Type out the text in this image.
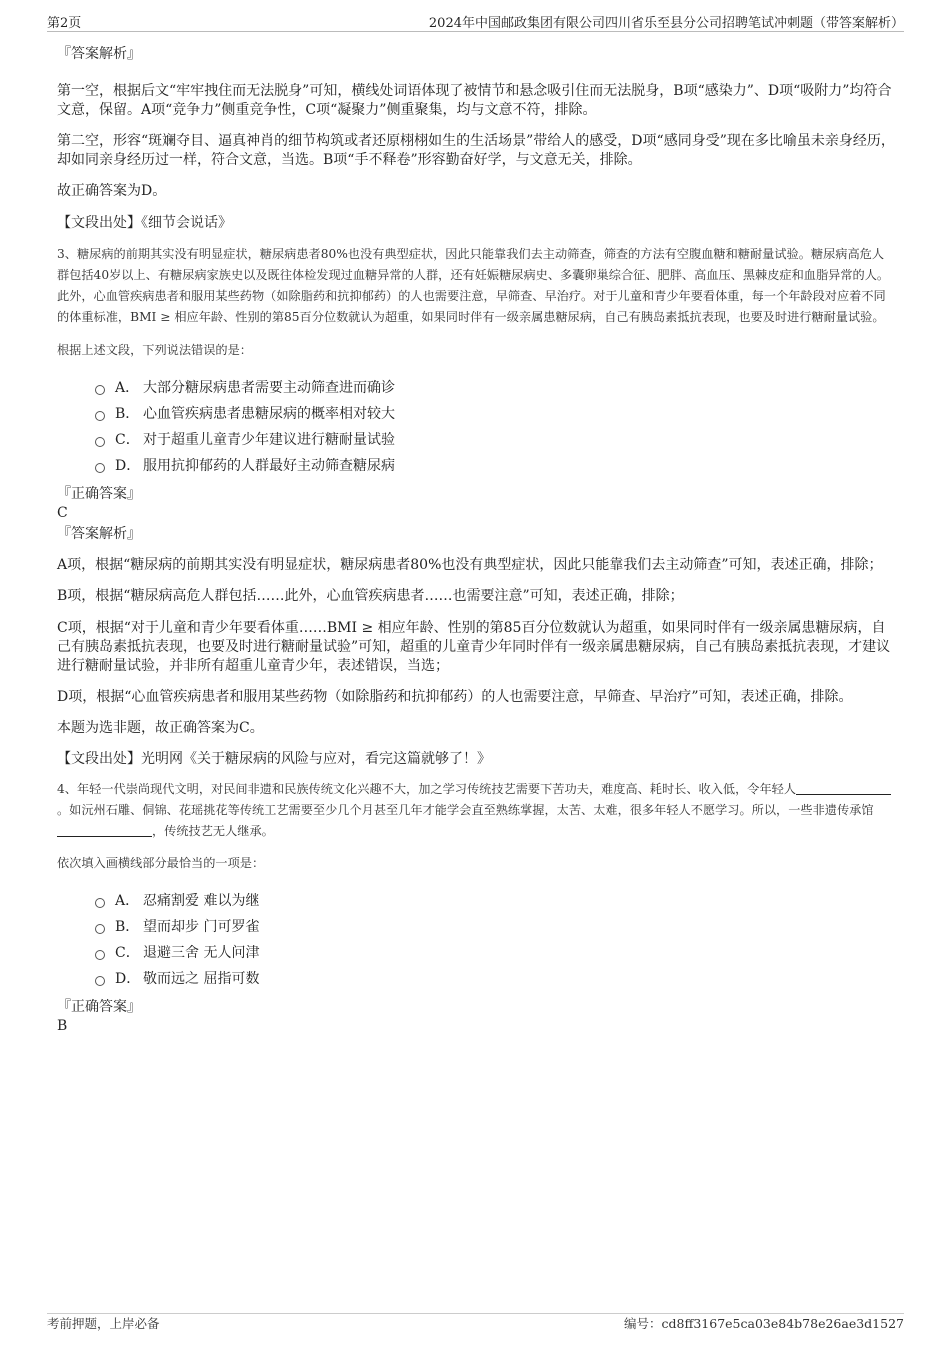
第2页	2024年中国邮政集团有限公司四川省乐至县分公司招聘笔试冲刺题（带答案解析）

『答案解析』

第一空，根据后文“牢牢拽住而无法脱身”可知，横线处词语体现了被情节和悬念吸引住而无法脱身，B项“感染力”、D项“吸附力”均符合文意，保留。A项“竞争力”侧重竞争性，C项“凝聚力”侧重聚集，均与文意不符，排除。

第二空，形容“斑斓夺目、逼真神肖的细节构筑或者还原栩栩如生的生活场景”带给人的感受，D项“感同身受”现在多比喻虽未亲身经历，却如同亲身经历过一样，符合文意，当选。B项“手不释卷”形容勤奋好学，与文意无关，排除。

故正确答案为D。

【文段出处】《细节会说话》

3、糖尿病的前期其实没有明显症状，糖尿病患者80%也没有典型症状，因此只能靠我们去主动筛查，筛查的方法有空腹血糖和糖耐量试验。糖尿病高危人群包括40岁以上、有糖尿病家族史以及既往体检发现过血糖异常的人群，还有妊娠糖尿病史、多囊卵巢综合征、肥胖、高血压、黑棘皮症和血脂异常的人。此外，心血管疾病患者和服用某些药物（如除脂药和抗抑郁药）的人也需要注意，早筛查、早治疗。对于儿童和青少年要看体重，每一个年龄段对应着不同的体重标准，BMI ≥ 相应年龄、性别的第85百分位数就认为超重，如果同时伴有一级亲属患糖尿病，自己有胰岛素抵抗表现，也要及时进行糖耐量试验。

根据上述文段，下列说法错误的是：

A． 大部分糖尿病患者需要主动筛查进而确诊
B． 心血管疾病患者患糖尿病的概率相对较大
C． 对于超重儿童青少年建议进行糖耐量试验
D． 服用抗抑郁药的人群最好主动筛查糖尿病

『正确答案』

C

『答案解析』

A项，根据“糖尿病的前期其实没有明显症状，糖尿病患者80%也没有典型症状，因此只能靠我们去主动筛查”可知，表述正确，排除；

B项，根据“糖尿病高危人群包括……此外，心血管疾病患者……也需要注意”可知，表述正确，排除；

C项，根据“对于儿童和青少年要看体重……BMI ≥ 相应年龄、性别的第85百分位数就认为超重，如果同时伴有一级亲属患糖尿病，自己有胰岛素抵抗表现，也要及时进行糖耐量试验”可知，超重的儿童青少年同时伴有一级亲属患糖尿病，自己有胰岛素抵抗表现，才建议进行糖耐量试验，并非所有超重儿童青少年，表述错误，当选；

D项，根据“心血管疾病患者和服用某些药物（如除脂药和抗抑郁药）的人也需要注意，早筛查、早治疗”可知，表述正确，排除。

本题为选非题，故正确答案为C。

【文段出处】光明网《关于糖尿病的风险与应对，看完这篇就够了！》

4、年轻一代崇尚现代文明，对民间非遗和民族传统文化兴趣不大，加之学习传统技艺需要下苦功夫，难度高、耗时长、收入低，令年轻人。如沅州石雕、侗锦、花瑶挑花等传统工艺需要至少几个月甚至几年才能学会直至熟练掌握，太苦、太难，很多年轻人不愿学习。所以，一些非遗传承馆，传统技艺无人继承。

依次填入画横线部分最恰当的一项是：

A． 忍痛割爱 难以为继
B． 望而却步 门可罗雀
C． 退避三舍 无人问津
D． 敬而远之 屈指可数

『正确答案』

B

考前押题，上岸必备	编号：cd8ff3167e5ca03e84b78e26ae3d1527
